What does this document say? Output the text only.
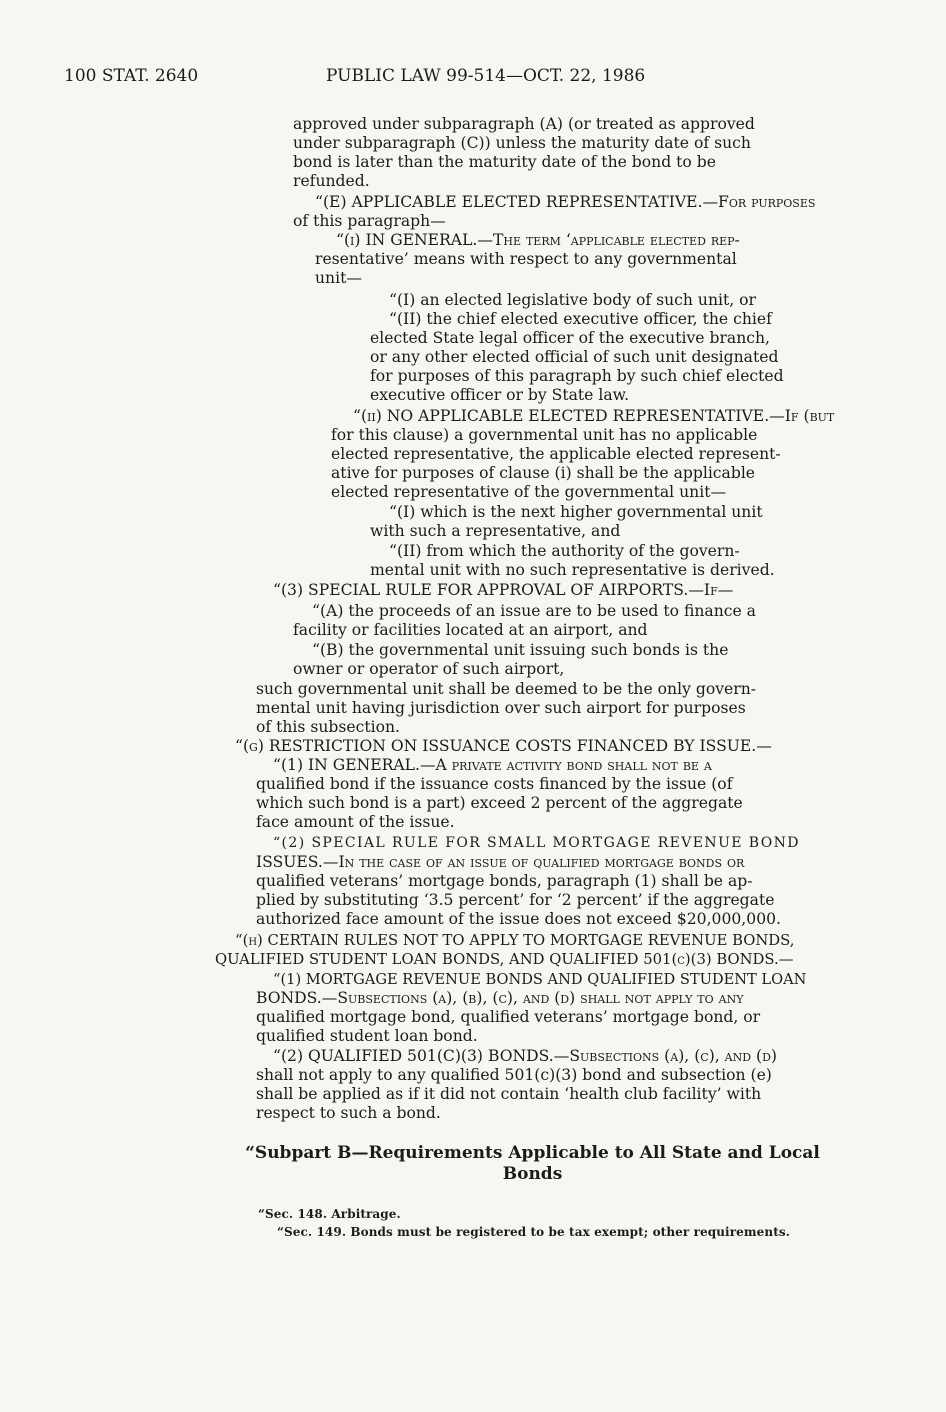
100 STAT. 2640	PUBLIC LAW 99-514—OCT. 22, 1986
approved under subparagraph (A) (or treated as approved
under subparagraph (C)) unless the maturity date of such
bond is later than the maturity date of the bond to be
refunded.
“(E) APPLICABLE ELECTED REPRESENTATIVE.—For purposes
of this paragraph—
“(i) IN GENERAL.—The term ‘applicable elected rep-
resentative’ means with respect to any governmental
unit—
“(I) an elected legislative body of such unit, or
“(II) the chief elected executive officer, the chief
elected State legal officer of the executive branch,
or any other elected official of such unit designated
for purposes of this paragraph by such chief elected
executive officer or by State law.
“(ii) NO APPLICABLE ELECTED REPRESENTATIVE.—If (but
for this clause) a governmental unit has no applicable
elected representative, the applicable elected represent-
ative for purposes of clause (i) shall be the applicable
elected representative of the governmental unit—
“(I) which is the next higher governmental unit
with such a representative, and
“(II) from which the authority of the govern-
mental unit with no such representative is derived.
“(3) SPECIAL RULE FOR APPROVAL OF AIRPORTS.—If—
“(A) the proceeds of an issue are to be used to finance a
facility or facilities located at an airport, and
“(B) the governmental unit issuing such bonds is the
owner or operator of such airport,
such governmental unit shall be deemed to be the only govern-
mental unit having jurisdiction over such airport for purposes
of this subsection.
“(g) RESTRICTION ON ISSUANCE COSTS FINANCED BY ISSUE.—
“(1) IN GENERAL.—A private activity bond shall not be a
qualified bond if the issuance costs financed by the issue (of
which such bond is a part) exceed 2 percent of the aggregate
face amount of the issue.
“(2) SPECIAL RULE FOR SMALL MORTGAGE REVENUE BOND
ISSUES.—In the case of an issue of qualified mortgage bonds or
qualified veterans’ mortgage bonds, paragraph (1) shall be ap-
plied by substituting ‘3.5 percent’ for ‘2 percent’ if the aggregate
authorized face amount of the issue does not exceed $20,000,000.
“(h) CERTAIN RULES NOT TO APPLY TO MORTGAGE REVENUE BONDS,
QUALIFIED STUDENT LOAN BONDS, AND QUALIFIED 501(c)(3) BONDS.—
“(1) MORTGAGE REVENUE BONDS AND QUALIFIED STUDENT LOAN
BONDS.—Subsections (a), (b), (c), and (d) shall not apply to any
qualified mortgage bond, qualified veterans’ mortgage bond, or
qualified student loan bond.
“(2) QUALIFIED 501(C)(3) BONDS.—Subsections (a), (c), and (d)
shall not apply to any qualified 501(c)(3) bond and subsection (e)
shall be applied as if it did not contain ‘health club facility’ with
respect to such a bond.
“Subpart B—Requirements Applicable to All State and Local Bonds
“Sec. 148. Arbitrage.
“Sec. 149. Bonds must be registered to be tax exempt; other requirements.
